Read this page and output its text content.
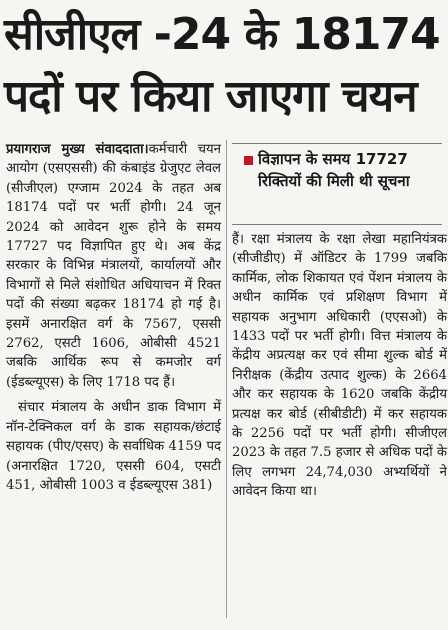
सीजीएल -24 के 18174
पदों पर किया जाएगा चयन

प्रयागराज मुख्य संवाददाता।कर्मचारी चयन आयोग (एसएससी) की कंबाइंड ग्रेजुएट लेवल (सीजीएल) एग्जाम 2024 के तहत अब 18174 पदों पर भर्ती होगी। 24 जून 2024 को आवेदन शुरू होने के समय 17727 पद विज्ञापित हुए थे। अब केंद्र सरकार के विभिन्न मंत्रालयों, कार्यालयों और विभागों से मिले संशोधित अधियाचन में रिक्त पदों की संख्या बढ़कर 18174 हो गई है। इसमें अनारक्षित वर्ग के 7567, एससी 2762, एसटी 1606, ओबीसी 4521 जबकि आर्थिक रूप से कमजोर वर्ग (ईडब्ल्यूएस) के लिए 1718 पद हैं।

संचार मंत्रालय के अधीन डाक विभाग में नॉन-टेक्निकल वर्ग के डाक सहायक/छंटाई सहायक (पीए/एसए) के सर्वाधिक 4159 पद (अनारक्षित 1720, एससी 604, एसटी 451, ओबीसी 1003 व ईडब्ल्यूएस 381)

विज्ञापन के समय 17727 रिक्तियों की मिली थी सूचना

हैं। रक्षा मंत्रालय के रक्षा लेखा महानियंत्रक (सीजीडीए) में ऑडिटर के 1799 जबकि कार्मिक, लोक शिकायत एवं पेंशन मंत्रालय के अधीन कार्मिक एवं प्रशिक्षण विभाग में सहायक अनुभाग अधिकारी (एएसओ) के 1433 पदों पर भर्ती होगी। वित्त मंत्रालय के केंद्रीय अप्रत्यक्ष कर एवं सीमा शुल्क बोर्ड में निरीक्षक (केंद्रीय उत्पाद शुल्क) के 2664 और कर सहायक के 1620 जबकि केंद्रीय प्रत्यक्ष कर बोर्ड (सीबीडीटी) में कर सहायक के 2256 पदों पर भर्ती होगी। सीजीएल 2023 के तहत 7.5 हजार से अधिक पदों के लिए लगभग 24,74,030 अभ्यर्थियों ने आवेदन किया था।
